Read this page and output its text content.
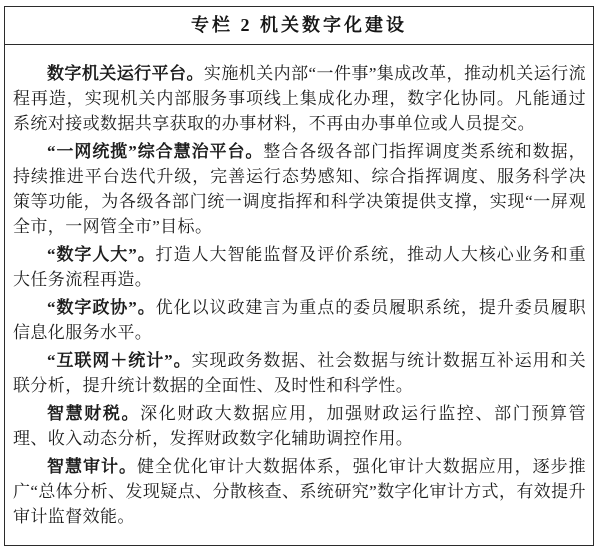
专栏 2 机关数字化建设

数字机关运行平台。实施机关内部“一件事”集成改革，推动机关运行流程再造，实现机关内部服务事项线上集成化办理，数字化协同。凡能通过系统对接或数据共享获取的办事材料，不再由办事单位或人员提交。

“一网统揽”综合慧治平台。整合各级各部门指挥调度类系统和数据，持续推进平台迭代升级，完善运行态势感知、综合指挥调度、服务科学决策等功能，为各级各部门统一调度指挥和科学决策提供支撑，实现“一屏观全市，一网管全市”目标。

“数字人大”。打造人大智能监督及评价系统，推动人大核心业务和重大任务流程再造。

“数字政协”。优化以议政建言为重点的委员履职系统，提升委员履职信息化服务水平。

“互联网＋统计”。实现政务数据、社会数据与统计数据互补运用和关联分析，提升统计数据的全面性、及时性和科学性。

智慧财税。深化财政大数据应用，加强财政运行监控、部门预算管理、收入动态分析，发挥财政数字化辅助调控作用。

智慧审计。健全优化审计大数据体系，强化审计大数据应用，逐步推广“总体分析、发现疑点、分散核查、系统研究”数字化审计方式，有效提升审计监督效能。
